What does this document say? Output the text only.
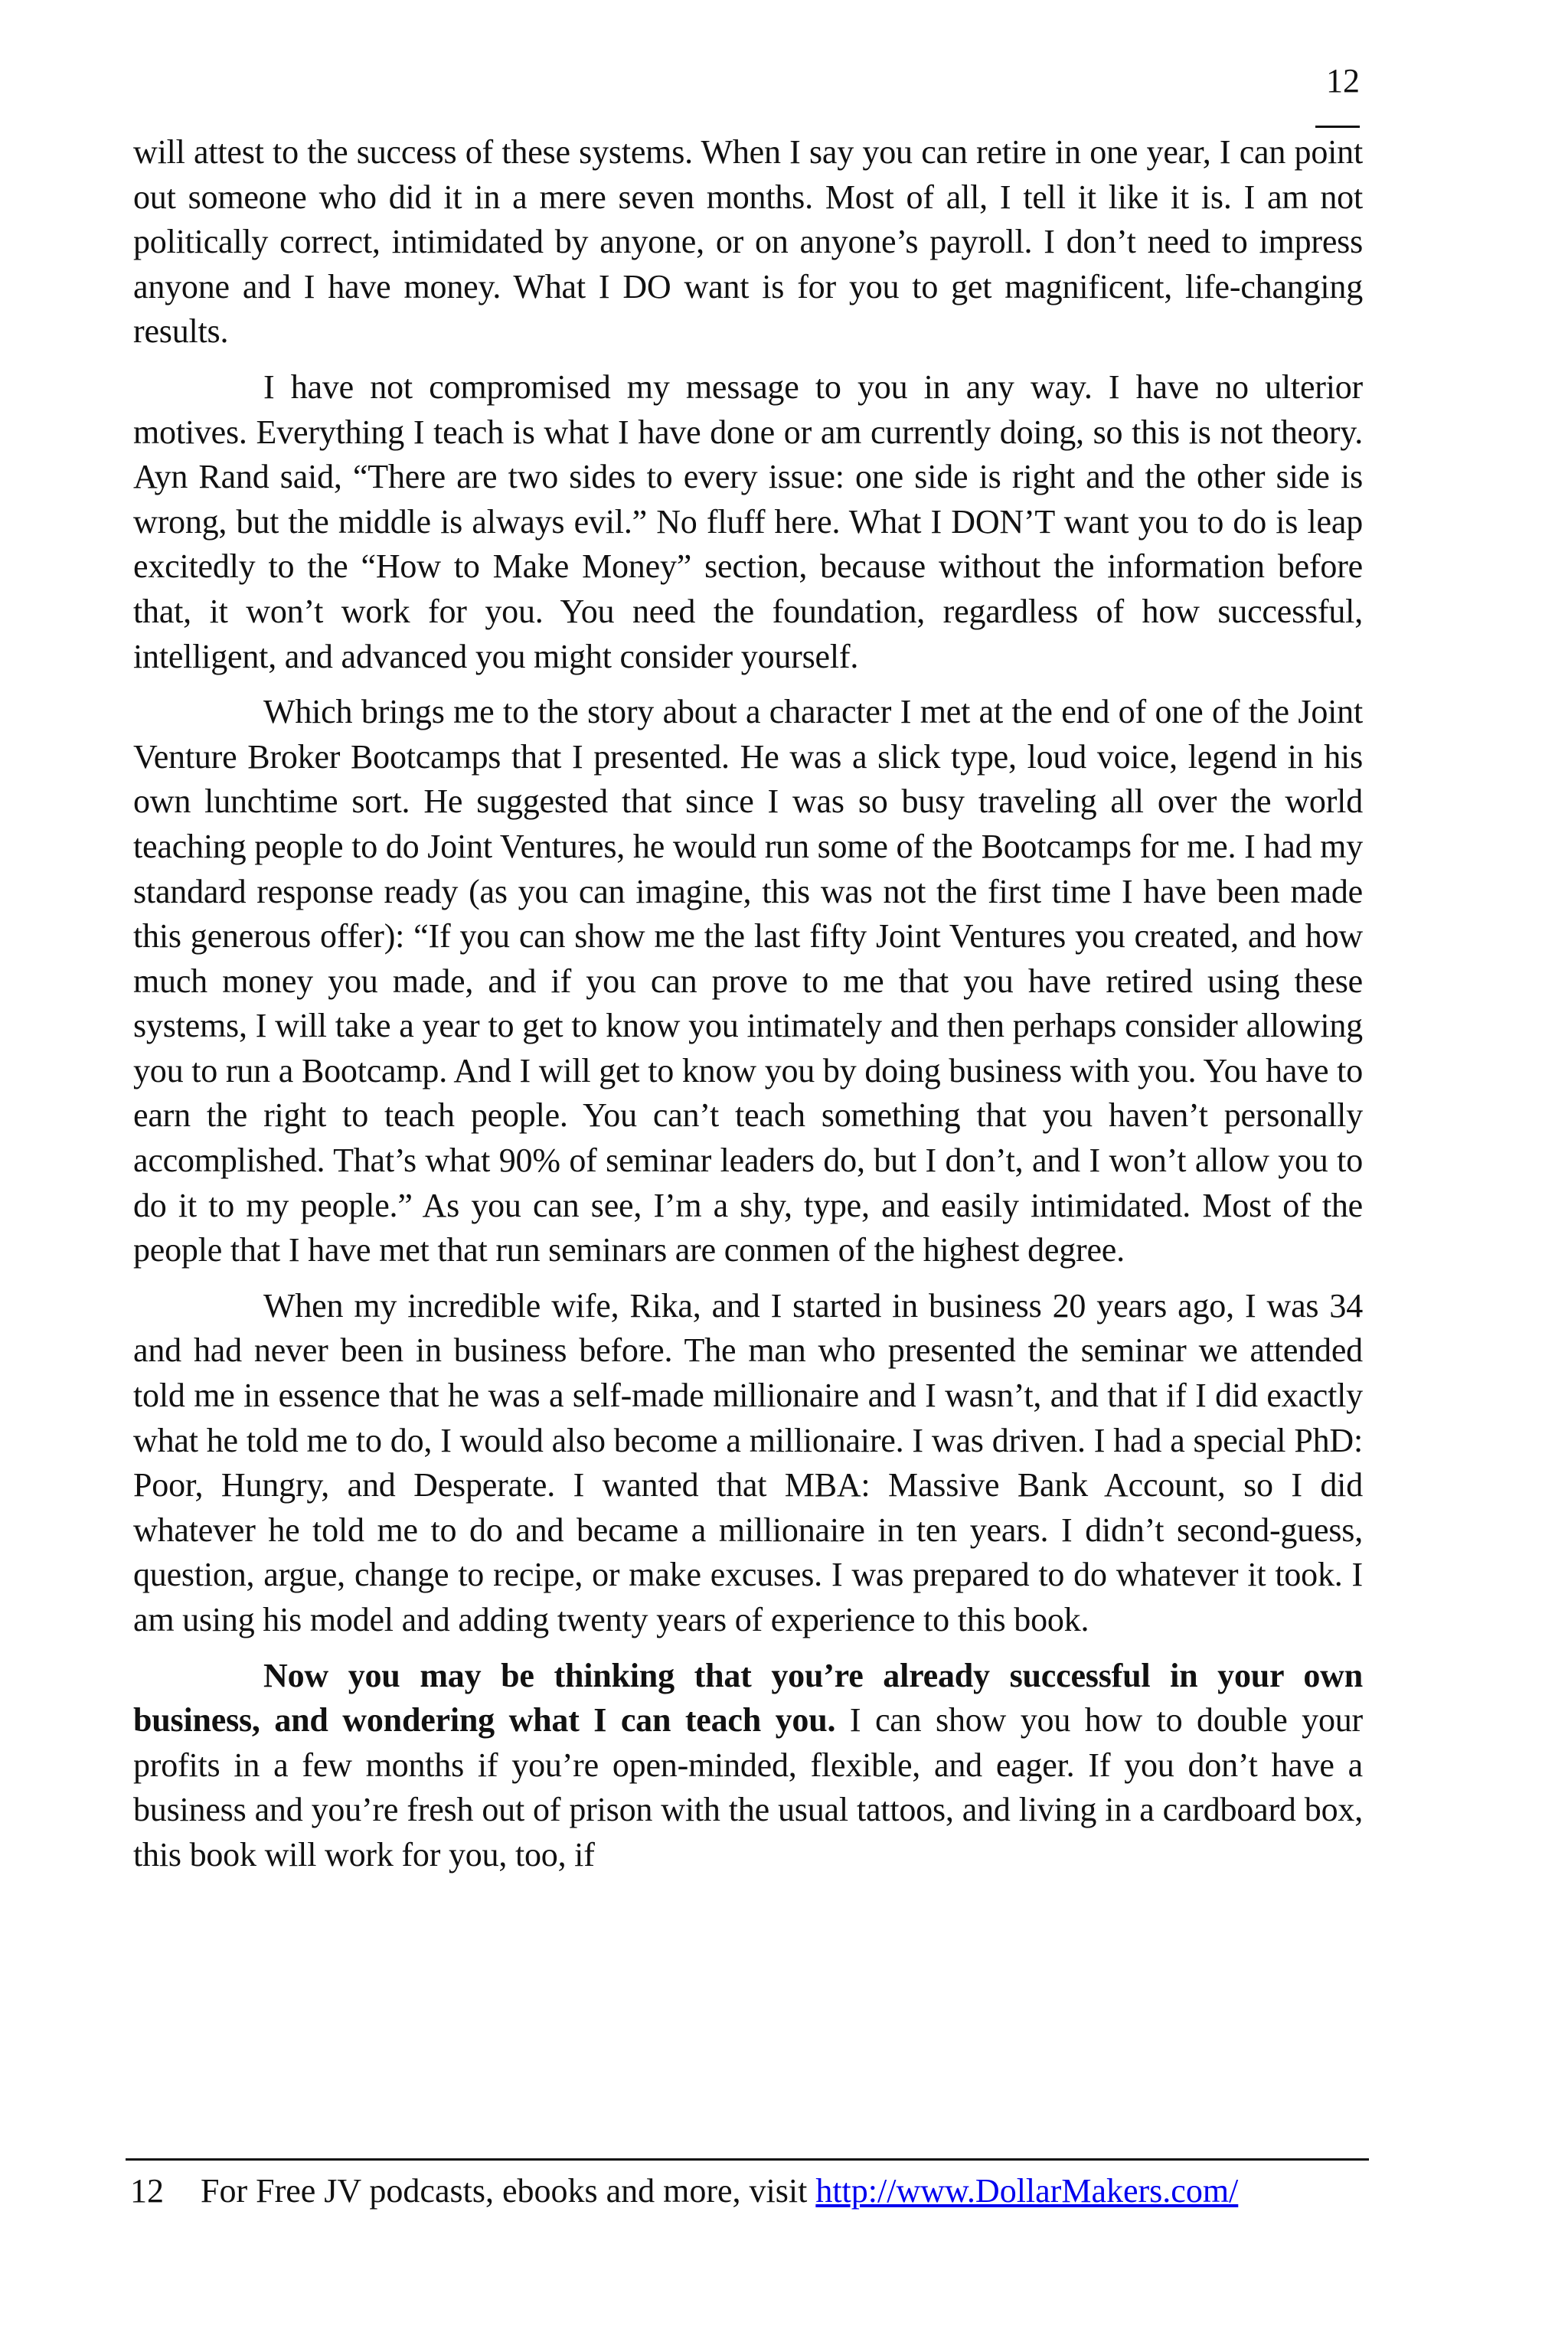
12

will attest to the success of these systems. When I say you can retire in one year, I can point out someone who did it in a mere seven months. Most of all, I tell it like it is. I am not politically correct, intimidated by anyone, or on anyone’s payroll. I don’t need to impress anyone and I have money. What I DO want is for you to get magnificent, life-changing results.

I have not compromised my message to you in any way. I have no ulterior motives. Everything I teach is what I have done or am currently doing, so this is not theory. Ayn Rand said, “There are two sides to every issue: one side is right and the other side is wrong, but the middle is always evil.” No fluff here. What I DON’T want you to do is leap excitedly to the “How to Make Money” section, because without the information before that, it won’t work for you. You need the foundation, regardless of how successful, intelligent, and advanced you might consider yourself.

Which brings me to the story about a character I met at the end of one of the Joint Venture Broker Bootcamps that I presented. He was a slick type, loud voice, legend in his own lunchtime sort. He suggested that since I was so busy traveling all over the world teaching people to do Joint Ventures, he would run some of the Bootcamps for me. I had my standard response ready (as you can imagine, this was not the first time I have been made this generous offer): “If you can show me the last fifty Joint Ventures you created, and how much money you made, and if you can prove to me that you have retired using these systems, I will take a year to get to know you intimately and then perhaps consider allowing you to run a Bootcamp. And I will get to know you by doing business with you. You have to earn the right to teach people. You can’t teach something that you haven’t personally accomplished. That’s what 90% of seminar leaders do, but I don’t, and I won’t allow you to do it to my people.” As you can see, I’m a shy, type, and easily intimidated. Most of the people that I have met that run seminars are conmen of the highest degree.

When my incredible wife, Rika, and I started in business 20 years ago, I was 34 and had never been in business before. The man who presented the seminar we attended told me in essence that he was a self-made millionaire and I wasn’t, and that if I did exactly what he told me to do, I would also become a millionaire. I was driven. I had a special PhD: Poor, Hungry, and Desperate. I wanted that MBA: Massive Bank Account, so I did whatever he told me to do and became a millionaire in ten years. I didn’t second-guess, question, argue, change to recipe, or make excuses. I was prepared to do whatever it took. I am using his model and adding twenty years of experience to this book.

Now you may be thinking that you’re already successful in your own business, and wondering what I can teach you. I can show you how to double your profits in a few months if you’re open-minded, flexible, and eager. If you don’t have a business and you’re fresh out of prison with the usual tattoos, and living in a cardboard box, this book will work for you, too, if

12 For Free JV podcasts, ebooks and more, visit http://www.DollarMakers.com/
